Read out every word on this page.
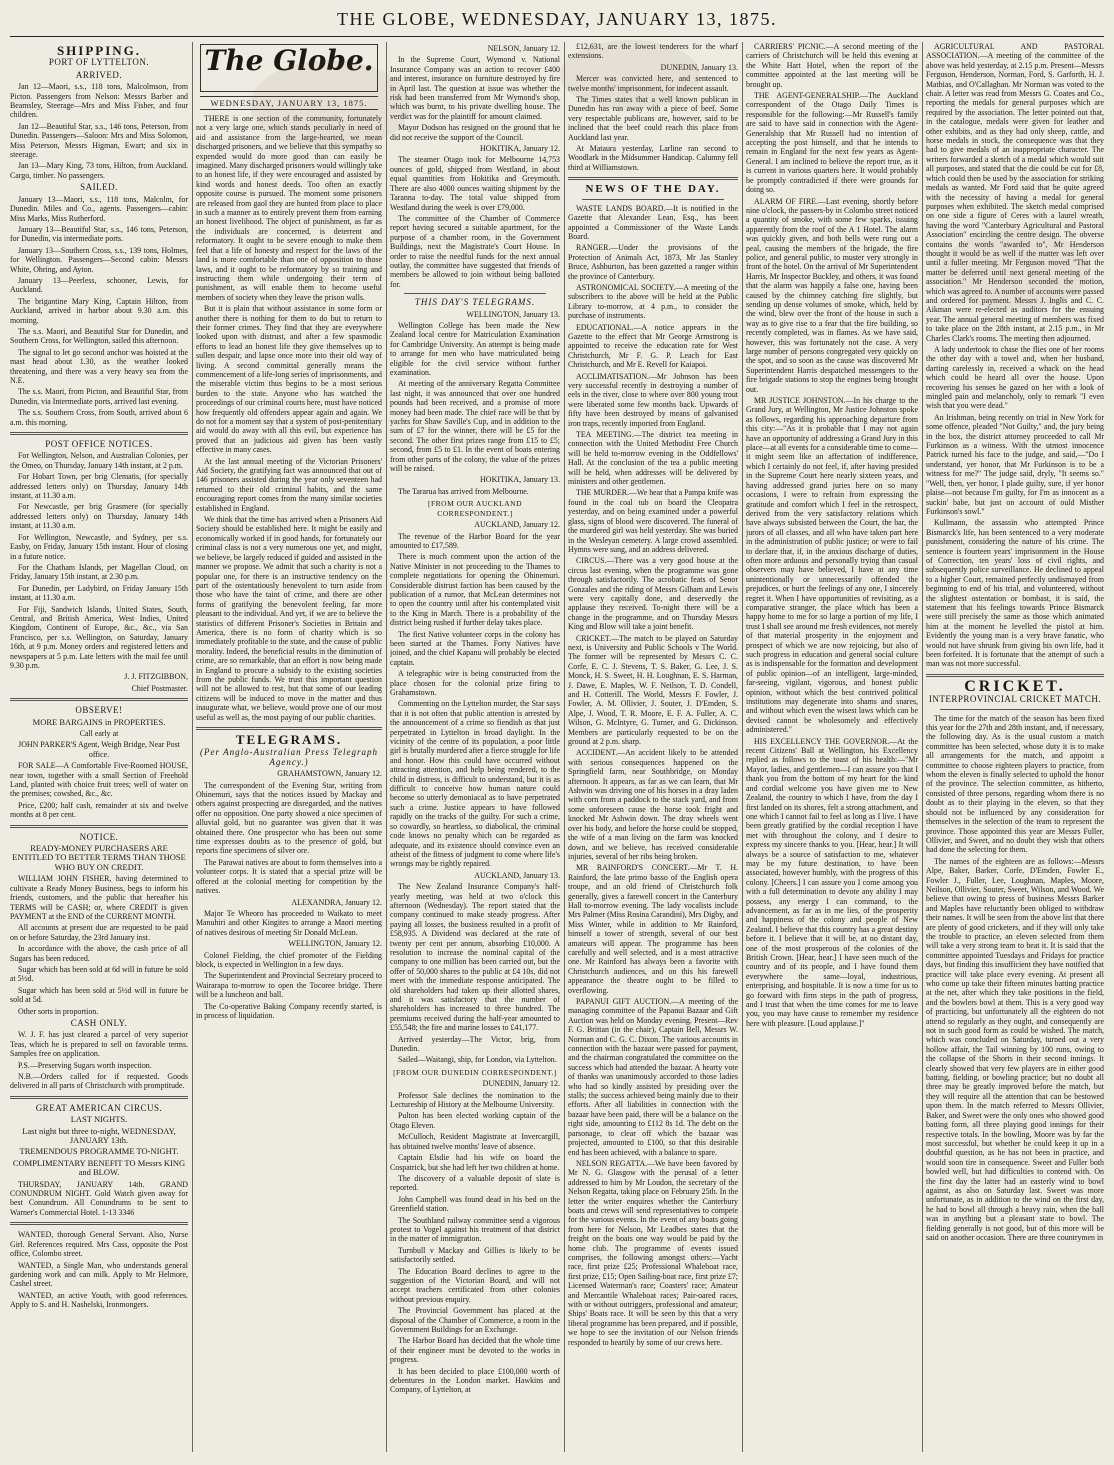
THE GLOBE, WEDNESDAY, JANUARY 13, 1875.
SHIPPING.
PORT OF LYTTELTON.
ARRIVED.

Jan 12—Maori, s.s., 118 tons, Malcolmson, from Picton. Passengers from Nelson: Messrs Barber and Beamsley, Steerage—Mrs and Miss Fisher, and four children.

Jan 12—Beautiful Star, s.s., 146 tons, Peterson, from Dunedin. Passengers—Saloon: Mrs and Miss Solomon, Miss Peterson, Messrs Higman, Ewart; and six in steerage.

Jan 13—Mary King, 73 tons, Hilton, from Auckland. Cargo, timber. No passengers.

SAILED.

January 13—Maori, s.s., 118 tons, Malcolm, for Dunedin. Miles and Co., agents. Passengers—cabin: Miss Marks, Miss Rutherford.

January 13—Beautiful Star, s.s., 146 tons, Peterson, for Dunedin, via intermediate ports.

January 13—Southern Cross, s.s., 139 tons, Holmes, for Wellington. Passengers—Second cabin: Messrs White, Ohring, and Ayton.

January 13—Peerless, schooner, Lewis, for Auckland.

The brigantine Mary King, Captain Hilton, from Auckland, arrived in harbor about 9.30 a.m. this morning.

The s.s. Maori, and Beautiful Star for Dunedin, and Southern Cross, for Wellington, sailed this afternoon.

The signal to let go second anchor was hoisted at the mast head about 1.30, as the weather looked threatening, and there was a very heavy sea from the N.E.

The s.s. Maori, from Picton, and Beautiful Star, from Dunedin, via Intermediate ports, arrived last evening.

The s.s. Southern Cross, from South, arrived about 6 a.m. this morning.

POST OFFICE NOTICES.

For Wellington, Nelson, and Australian Colonies, per the Omeo, on Thursday, January 14th instant, at 2 p.m.

For Hobart Town, per brig Clematis, (for specially addressed letters only) on Thursday, January 14th instant, at 11.30 a.m.

For Newcastle, per brig Grasmere (for specially addressed letters only) on Thursday, January 14th instant, at 11.30 a.m.

For Wellington, Newcastle, and Sydney, per s.s. Easby, on Friday, January 15th instant. Hour of closing in a future notice.

For the Chatham Islands, per Magellan Cloud, on Friday, January 15th instant, at 2.30 p.m.

For Dunedin, per Ladybird, on Friday January 15th instant, at 11.30 a.m.

For Fiji, Sandwich Islands, United States, South, Central, and British America, West Indies, United Kingdom, Continent of Europe, &c., &c., via San Francisco, per s.s. Wellington, on Saturday, January 16th, at 9 p.m. Money orders and registered letters and newspapers at 5 p.m. Late letters with the mail fee until 9.30 p.m.

J. J. FITZGIBBON,
Chief Postmaster.
OBSERVE!
MORE BARGAINS in PROPERTIES.

Call early at

JOHN PARKER'S Agent, Weigh Bridge, Near Post office.

FOR SALE—A Comfortable Five-Roomed HOUSE, near town, together with a small Section of Freehold Land, planted with choice fruit trees; well of water on the premises; cowshed, &c., &c.

Price, £200; half cash, remainder at six and twelve months at 8 per cent.

NOTICE.
READY-MONEY PURCHASERS ARE ENTITLED TO BETTER TERMS THAN THOSE WHO BUY ON CREDIT.

WILLIAM JOHN FISHER, having determined to cultivate a Ready Money Business, begs to inform his friends, customers, and the public that hereafter his TERMS will be CASH; or, where CREDIT is given PAYMENT at the END of the CURRENT MONTH.

All accounts at present due are requested to be paid on or before Saturday, the 23rd January inst.

In accordance with the above, the cash price of all Sugars has been reduced.

Sugar which has been sold at 6d will in future be sold at 5½d.

Sugar which has been sold at 5½d will in future be sold at 5d.

Other sorts in proportion.

CASH ONLY.

W. J. F. has just cleared a parcel of very superior Teas, which he is prepared to sell on favorable terms. Samples free on application.

P.S.—Preserving Sugars worth inspection.

N.B.—Orders called for if requested. Goods delivered in all parts of Christchurch with promptitude.

GREAT AMERICAN CIRCUS.
LAST NIGHTS.
Last night but three to-night, WEDNESDAY, JANUARY 13th.
TREMENDOUS PROGRAMME TO-NIGHT.
COMPLIMENTARY BENEFIT TO Messrs KING and BLOW.

THURSDAY, JANUARY 14th. GRAND CONUNDRUM NIGHT. Gold Watch given away for best Conundrum. All Conundrums to be sent to Warner's Commercial Hotel. 1-13 3346

WANTED, thorough General Servant. Also, Nurse Girl. References required. Mrs Cass, opposite the Post office, Colombo street.

WANTED, a Single Man, who understands general gardening work and can milk. Apply to Mr Helmore, Cashel street.

WANTED, an active Youth, with good references. Apply to S. and H. Nashelski, Ironmongers.

The Globe.
WEDNESDAY, JANUARY 13, 1875.

THERE is one section of the community, fortunately not a very large one, which stands peculiarly in need of aid and assistance from the large-hearted, we mean discharged prisoners, and we believe that this sympathy so expended would do more good than can easily be imagined. Many discharged prisoners would willingly take to an honest life, if they were encouraged and assisted by kind words and honest deeds. Too often an exactly opposite course is pursued. The moment some prisoners are released from gaol they are hunted from place to place in such a manner as to entirely prevent them from earning an honest livelihood. The object of punishment, as far as the individuals are concerned, is deterrent and reformatory. It ought to be severe enough to make them feel that a life of honesty and respect for the laws of the land is more comfortable than one of opposition to those laws, and it ought to be reformatory by so training and instructing them while undergoing their term of punishment, as will enable them to become useful members of society when they leave the prison walls.

But it is plain that without assistance in some form or another there is nothing for them to do but to return to their former crimes. They find that they are everywhere looked upon with distrust, and after a few spasmodic efforts to lead an honest life they give themselves up to sullen despair, and lapse once more into their old way of living. A second committal generally means the commencement of a life-long series of imprisonments, and the miserable victim thus begins to be a most serious burden to the state. Anyone who has watched the proceedings of our criminal courts here, must have noticed how frequently old offenders appear again and again. We do not for a moment say that a system of post-penitentiary aid would do away with all this evil, but experience has proved that an judicious aid given has been vastly effective in many cases.

At the last annual meeting of the Victorian Prisoners' Aid Society, the gratifying fact was announced that out of 146 prisoners assisted during the year only seventeen had returned to their old criminal habits, and the same encouraging report comes from the many similar societies established in England.

We think that the time has arrived when a Prisoners Aid Society should be established here. It might be easily and economically worked if in good hands, for fortunately our criminal class is not a very numerous one yet, and might, we believe, be largely reduced if guided and assisted in the manner we propose. We admit that such a charity is not a popular one, for there is an instructive tendency on the part of the ostentatiously benevolent to turn aside from those who have the taint of crime, and there are other forms of gratifying the benevolent feeling, far more pleasant to the individual. And yet, if we are to believe the statistics of different Prisoner's Societies in Britain and America, there is no form of charity which is so immediately profitable to the state, and the cause of public morality. Indeed, the beneficial results in the diminution of crime, are so remarkable, that an effort is now being made in England to procure a subsidy to the existing societies from the public funds. We trust this important question will not be allowed to rest, but that some of our leading citizens will be induced to move in the matter and thus inaugurate what, we believe, would prove one of our most useful as well as, the most paying of our public charities.

TELEGRAMS.
(Per Anglo-Australian Press Telegraph Agency.)
GRAHAMSTOWN, January 12.

The correspondent of the Evening Star, writing from Ohinemuri, says that the notices issued by Mackay and others against prospecting are disregarded, and the natives offer no opposition. One party showed a nice specimen of alluvial gold, but no guarantee was given that it was obtained there. One prospector who has been out some time expresses doubts as to the presence of gold, but reports fine specimens of silver ore.

The Parawai natives are about to form themselves into a volunteer corps. It is stated that a special prize will be offered at the colonial meeting for competition by the natives.

ALEXANDRA, January 12.

Major Te Wheoro has proceeded to Waikato to meet Manuhiri and other Kingites to arrange a Maori meeting of natives desirous of meeting Sir Donald McLean.

WELLINGTON, January 12.

Colonel Fielding, the chief promoter of the Fielding block, is expected in Wellington in a few days.

The Superintendent and Provincial Secretary proceed to Wairarapa to-morrow to open the Tocoree bridge. There will be a luncheon and ball.

The Co-operative Baking Company recently started, is in process of liquidation.

NELSON, January 12.

In the Supreme Court, Wymond v. National Insurance Company was an action to recover £400 and interest, insurance on furniture destroyed by fire in April last. The question at issue was whether the risk had been transferred from Mr Wymond's shop, which was burnt, to his private dwelling house. The verdict was for the plaintiff for amount claimed.

Mayor Dodson has resigned on the ground that he did not receive the support of the Council.

HOKITIKA, January 12.

The steamer Otago took for Melbourne 14,753 ounces of gold, shipped from Westland, in about equal quantities from Hokitika and Greymouth. There are also 4000 ounces waiting shipment by the Taranna to-day. The total value shipped from Westland during the week is over £79,000.

The committee of the Chamber of Commerce report having secured a suitable apartment, for the purpose of a chamber room, in the Government Buildings, next the Magistrate's Court House. In order to raise the needful funds for the next annual outlay, the committee have suggested that friends of members be allowed to join without being balloted for.

THIS DAY'S TELEGRAMS.
WELLINGTON, January 13.

Wellington College has been made the New Zealand local centre for Matriculation Examination for Cambridge University. An attempt is being made to arrange for men who have matriculated being eligible for the civil service without further examination.

At meeting of the anniversary Regatta Committee last night, it was announced that over one hundred pounds had been received, and a promise of more money had been made. The chief race will be that by yachts for Shaw Saville's Cup, and in addition to the sum of £7 for the winner, there will be £5 for the second. The other first prizes range from £15 to £5; second, from £5 to £1. In the event of boats entering from other parts of the colony, the value of the prizes will be raised.

HOKITIKA, January 13.

The Tararua has arrived from Melbourne.

[FROM OUR AUCKLAND CORRESPONDENT.]
AUCKLAND, January 12.

The revenue of the Harbor Board for the year amounted to £17,589.

There is much comment upon the action of the Native Minister in not proceeding to the Thames to complete negotiations for opening the Ohinemuri. Considerable distrust faction has been caused by the publication of a rumor, that McLean determines not to open the country until after his contemplated visit to the King in March. There is a probability of the district being rushed if further delay takes place.

The first Native volunteer corps in the colony has been started at the Thames. Forty Natives have joined, and the chief Kapanu will probably be elected captain.

A telegraphic wire is being constructed from the place chosen for the colonial prize firing to Grahamstown.

Commenting on the Lyttelton murder, the Star says that it is not often that public attention is arrested by the announcement of a crime so fiendish as that just perpetrated in Lyttelton in broad daylight. In the vicinity of the centre of its population, a poor little girl is brutally murdered after a fierce struggle for life and honor. How this could have occurred without attracting attention, and help being rendered, to the child in distress, is difficult to understand, but it is as difficult to conceive how human nature could become so utterly demoniacal as to have perpetrated such a crime. Justice appears to have followed rapidly on the tracks of the guilty. For such a crime, so cowardly, so heartless, so diabolical, the criminal code knows no penalty which can be regarded as adequate, and its existence should convince even an atheist of the fitness of judgment to come where life's wrongs may be rightly repaired.

AUCKLAND, January 13.

The New Zealand Insurance Company's half-yearly meeting, was held at two o'clock this afternoon (Wednesday). The report stated that the company continued to make steady progress. After paying all losses, the business resulted in a profit of £58,935. A Dividend was declared at the rate of twenty per cent per annum, absorbing £10,000. A resolution to increase the nominal capital of the company to one million has been carried out, but the offer of 50,000 shares to the public at £4 10s, did not meet with the immediate response anticipated. The old shareholders had taken up their allotted shares, and it was satisfactory that the number of shareholders has increased to three hundred. The premiums received during the half-year amounted to £55,548; the fire and marine losses to £41,177.

Arrived yesterday—The Victor, brig, from Dunedin.

Sailed—Waitangi, ship, for London, via Lyttelton.

[FROM OUR DUNEDIN CORRESPONDENT.]
DUNEDIN, January 12.

Professor Sale declines the nomination to the Lectureship of History at the Melbourne University.

Pulton has been elected working captain of the Otago Eleven.

McCulloch, Resident Magistrate at Invercargill, has obtained twelve months' leave of absence.

Captain Elsdie had his wife on board the Cospatrick, but she had left her two children at home.

The discovery of a valuable deposit of slate is reported.

John Campbell was found dead in his bed on the Greenfield station.

The Southland railway committee send a vigorous protest to Vogel against his treatment of that district in the matter of immigration.

Turnbull v Mackay and Gillies is likely to be satisfactorily settled.

The Education Board declines to agree to the suggestion of the Victorian Board, and will not accept teachers certificated from other colonies without previous enquiry.

The Provincial Government has placed at the disposal of the Chamber of Commerce, a room in the Government Buildings for an Exchange.

The Harbor Board has decided that the whole time of their engineer must be devoted to the works in progress.

It has been decided to place £100,000 worth of debentures in the London market. Hawkins and Company, of Lyttelton, at

£12,631, are the lowest tenderers for the wharf extensions.

DUNEDIN, January 13.

Mercer was convicted here, and sentenced to twelve months' imprisonment, for indecent assault.

The Times states that a well known publican in Dunedin has run away with a piece of beef. Some very respectable publicans are, however, said to be inclined that the beef could reach this place from Auckland last year.

At Mataura yesterday, Larline ran second to Woodlark in the Midsummer Handicap. Calumny fell third at Williamstown.

NEWS OF THE DAY.

WASTE LANDS BOARD.—It is notified in the Gazette that Alexander Lean, Esq., has been appointed a Commissioner of the Waste Lands Board.

RANGER.—Under the provisions of the Protection of Animals Act, 1873, Mr Jas Stanley Bruce, Ashburton, has been gazetted a ranger within the province of Canterbury.

ASTRONOMICAL SOCIETY.—A meeting of the subscribers to the above will be held at the Public Library to-morrow, at 4 p.m., to consider the purchase of instruments.

EDUCATIONAL.—A notice appears in the Gazette to the effect that Mr George Armstrong is appointed to receive the education rate for West Christchurch, Mr F. G. P. Leach for East Christchurch, and Mr E. Revell for Kaiapoi.

ACCLIMATISATION.—Mr Johnson has been very successful recently in destroying a number of eels in the river, close to where over 800 young trout were liberated some few months back. Upwards of fifty have been destroyed by means of galvanised iron traps, recently imported from England.

TEA MEETING.—The district tea meeting in connection with the United Methodist Free Church will be held to-morrow evening in the Oddfellows' Hall. At the conclusion of the tea a public meeting will be held, when addresses will be delivered by ministers and other gentlemen.

THE MURDER.—We hear that a Pampa knife was found in the coal tub on board the Cleopatra yesterday, and on being examined under a powerful glass, signs of blood were discovered. The funeral of the murdered girl was held yesterday. She was buried in the Wesleyan cemetery. A large crowd assembled. Hymns were sung, and an address delivered.

CIRCUS.—There was a very good house at the circus last evening, when the programme was gone through satisfactorily. The acrobatic feats of Senor Gonzales and the riding of Messrs Gilham and Lewis were very capitally done, and deservedly the applause they received. To-night there will be a change in the programme, and on Thursday Messrs King and Blow will take a joint benefit.

CRICKET.—The match to be played on Saturday next, is University and Public Schools v The World. The former will be represented by Messrs C. C. Corfe, E. C. J. Stevens, T. S. Baker, G. Lee, J. S. Monck, H. S. Sweet, H. H. Loughnan, E. S. Harman, J. Dawe, E. Maples, W. F. Neilson, T. D. Condell, and H. Cotterill. The World, Messrs F. Fowler, J. Fowler, A. M. Ollivier, J. Souter, J. D'Emden, S. Alpe, J. Wood, T. R. Moore, E. F. A. Fuller, A. C. Wilson, G. McIntyre, G. Turner, and G. Dickinson. Members are particularly requested to be on the ground at 2 p.m. sharp.

ACCIDENT.—An accident likely to be attended with serious consequences happened on the Springfield farm, near Southbridge, on Monday afternoon. It appears, as far as we can learn, that Mr Ashwin was driving one of his horses in a dray laden with corn from a paddock to the stack yard, and from some unforeseen cause the horse took fright and knocked Mr Ashwin down. The dray wheels went over his body, and before the horse could be stopped, the wife of a man living on the farm was knocked down, and we believe, has received considerable injuries, several of her ribs being broken.

MR RAINFORD'S CONCERT.—Mr T. H. Rainford, the late primo basso of the English opera troupe, and an old friend of Christchurch folk generally, gives a farewell concert in the Canterbury Hall to-morrow evening. The lady vocalists include Mrs Palmer (Miss Rosina Carandini), Mrs Digby, and Miss Winter, while in addition to Mr Rainford, himself a tower of strength, several of our best amateurs will appear. The programme has been carefully and well selected, and is a most attractive one. Mr Rainford has always been a favorite with Christchurch audiences, and on this his farewell appearance the theatre ought to be filled to overflowing.

PAPANUI GIFT AUCTION.—A meeting of the managing committee of the Papanui Bazaar and Gift Auction was held on Monday evening. Present—Rev F. G. Brittan (in the chair), Captain Bell, Messrs W. Norman and C. G. C. Dixon. The various accounts in connection with the bazaar were passed for payment, and the chairman congratulated the committee on the success which had attended the bazaar. A hearty vote of thanks was unanimously accorded to those ladies who had so kindly assisted by presiding over the stalls; the success achieved being mainly due to their efforts. After all liabilities in connection with the bazaar have been paid, there will be a balance on the right side, amounting to £112 8s 1d. The debt on the parsonage, to clear off which the bazaar was projected, amounted to £100, so that this desirable end has been achieved, with a balance to spare.

NELSON REGATTA.—We have been favored by Mr N. G. Glasgow with the perusal of a letter addressed to him by Mr Loudon, the secretary of the Nelson Regatta, taking place on February 25th. In the letter the writer enquires whether the Canterbury boats and crews will send representatives to compete for the various events. In the event of any boats going from here for Nelson, Mr Leadbes states that the freight on the boats one way would be paid by the home club. The programme of events issued comprises, the following amongst others:—Yacht race, first prize £25; Professional Whaleboat race, first prize, £15; Open Sailing-boat race, first prize £7; Licensed Waterman's race; Coasters' race; Amateur and Mercantile Whaleboat races; Pair-oared races, with or without outriggers, professional and amateur; Ships' Boats race. It will be seen by this that a very liberal programme has been prepared, and if possible, we hope to see the invitation of our Nelson friends responded to heartily by some of our crews here.

CARRIERS' PICNIC.—A second meeting of the carriers of Christchurch will be held this evening at the White Hart Hotel, when the report of the committee appointed at the last meeting will be brought up.

THE AGENT-GENERALSHIP.—The Auckland correspondent of the Otago Daily Times is responsible for the following:—Mr Russell's family are said to have said in connection with the Agent-Generalship that Mr Russell had no intention of accepting the post himself, and that he intends to remain in England for the next few years as Agent-General. I am inclined to believe the report true, as it is current in various quarters here. It would probably be promptly contradicted if there were grounds for doing so.

ALARM OF FIRE.—Last evening, shortly before nine o'clock, the passers-by in Colombo street noticed a quantity of smoke, with some few sparks, issuing apparently from the roof of the A 1 Hotel. The alarm was quickly given, and both bells were rung out a peal, causing the members of the brigade, the fire police, and general public, to muster very strongly in front of the hotel. On the arrival of Mr Superintendent Harris, Mr Inspector Buckley, and others, it was found that the alarm was happily a false one, having been caused by the chimney catching fire slightly, but sending up dense volumes of smoke, which, held by the wind, blew over the front of the house in such a way as to give rise to a fear that the fire building, so recently completed, was in flames. As we have said, however, this was fortunately not the case. A very large number of persons congregated very quickly on the spot, and so soon as the cause was discovered Mr Superintendent Harris despatched messengers to the fire brigade stations to stop the engines being brought out.

MR JUSTICE JOHNSTON.—In his charge to the Grand Jury, at Wellington, Mr Justice Johnston spoke as follows, regarding his approaching departure from this city:—"As it is probable that I may not again have an opportunity of addressing a Grand Jury in this place—at all events for a considerable time to come—it might seem like an affectation of indifference, which I certainly do not feel, if, after having presided in the Supreme Court here nearly sixteen years, and having addressed grand juries here on so many occasions, I were to refrain from expressing the gratitude and comfort which I feel in the retrospect, derived from the very satisfactory relations which have always subsisted between the Court, the bar, the jurors of all classes, and all who have taken part here in the administration of public justice; or were to fail to declare that, if, in the anxious discharge of duties, often more arduous and personally trying than casual observers may have believed, I have at any time unintentionally or unnecessarily offended the prejudices, or hurt the feelings of any one, I sincerely regret it. When I have opportunities of revisiting, as a comparative stranger, the place which has been a happy home to me for so large a portion of my life, I trust I shall see around me fresh evidences, not merely of that material prosperity in the enjoyment and prospect of which we are now rejoicing, but also of such progress in education and general social culture as is indispensable for the formation and development of public opinion—of an intelligent, large-minded, far-seeing, vigilant, vigorous, and honest public opinion, without which the best contrived political institutions may degenerate into shams and snares, and without which even the wisest laws which can be devised cannot be wholesomely and effectively administered."

HIS EXCELLENCY THE GOVERNOR.—At the recent Citizens' Ball at Wellington, his Excellency replied as follows to the toast of his health:—"Mr Mayor, ladies, and gentlemen—I can assure you that I thank you from the bottom of my heart for the kind and cordial welcome you have given me to New Zealand, the country to which I have, from the day I first landed on its shores, felt a strong attachment, and one which I cannot fail to feel as long as I live. I have been greatly gratified by the cordial reception I have met with throughout the colony, and I desire to express my sincere thanks to you. [Hear, hear.] It will always be a source of satisfaction to me, whatever may be my future destination, to have been associated, however humbly, with the progress of this colony. [Cheers.] I can assure you I come among you with a full determination to devote any ability I may possess, any energy I can command, to the advancement, as far as in me lies, of the prosperity and happiness of the colony and people of New Zealand. I believe that this country has a great destiny before it. I believe that it will be, at no distant day, one of the most prosperous of the colonies of the British Crown. [Hear, hear.] I have seen much of the country and of its people, and I have found them everywhere the same—loyal, industrious, enterprising, and hospitable. It is now a time for us to go forward with firm steps in the path of progress, and I trust that when the time comes for me to leave you, you may have cause to remember my residence here with pleasure. [Loud applause.]"

AGRICULTURAL AND PASTORAL ASSOCIATION.—A meeting of the committee of the above was held yesterday, at 2.15 p.m. Present—Messrs Ferguson, Henderson, Norman, Ford, S. Garforth, H. J. Mathias, and O'Callaghan. Mr Norman was voted to the chair. A letter was read from Messrs G. Coates and Co., reporting the medals for general purposes which are required by the association. The letter pointed out that, in the catalogue, medals were given for leather and other exhibits, and as they had only sheep, cattle, and horse medals in stock, the consequence was that they had to give medals of an inappropriate character. The writers forwarded a sketch of a medal which would suit all purposes, and stated that the die could be cut for £8, which could then be used by the association for striking medals as wanted. Mr Ford said that he quite agreed with the necessity of having a medal for general purposes when exhibited. The sketch medal comprised on one side a figure of Ceres with a laurel wreath, having the word "Canterbury Agricultural and Pastoral Association" encircling the centre design. The obverse contains the words "awarded to", Mr Henderson thought it would be as well if the matter was left over until a fuller meeting. Mr Ferguson moved "That the matter be deferred until next general meeting of the association." Mr Henderson seconded the motion, which was agreed to. A number of accounts were passed and ordered for payment. Messrs J. Inglis and C. C. Aikman were re-elected as auditors for the ensuing year. The annual general meeting of members was fixed to take place on the 28th instant, at 2.15 p.m., in Mr Charles Clark's rooms. The meeting then adjourned.

A lady undertook to chase the flies one of her rooms the other day with a towel and, when her husband, darting carelessly in, received a whack on the head which could be heard all over the house. Upon recovering his senses he gazed on her with a look of mingled pain and melancholy, only to remark "I even wish that you were dead."

An Irishman, being recently on trial in New York for some offence, pleaded "Not Guilty," and, the jury being in the box, the district attorney proceeded to call Mr Furkinson as a witness. With the utmost innocence Patrick turned his face to the judge, and said,—"Do I understand, yer honor, that Mr Furkinson is to be a witness for me?" The judge said, dryly, "It seems so." "Well, then, yer honor, I plade guilty, sure, if yer honor plaise—not because I'm guilty, for I'm as innocent as a suckin' babe, but just on account of ould Misther Furkinson's sowl."

Kullmann, the assassin who attempted Prince Bismarck's life, has been sentenced to a very moderate punishment, considering the nature of his crime. The sentence is fourteen years' imprisonment in the House of Correction, ten years' loss of civil rights, and subsequently police surveillance. He declined to appeal to a higher Court, remained perfectly undismayed from beginning to end of his trial, and volunteered, without the slightest ostentation or bombast, it is said, the statement that his feelings towards Prince Bismarck were still precisely the same as those which animated him at the moment he levelled the pistol at him. Evidently the young man is a very brave fanatic, who would not have shrunk from giving his own life, had it been forfeited. It is fortunate that the attempt of such a man was not more successful.

CRICKET.
INTERPROVINCIAL CRICKET MATCH.

The time for the match of the season has been fixed this year for the 27th and 28th instant, and, if necessary, the following day. As is the usual custom a match committee has been selected, whose duty it is to make all arrangements for the match, and appoint a committee to choose eighteen players to practice, from whom the eleven is finally selected to uphold the honor of the province. The selection committee, as hitherto, consisted of three persons, regarding whom there is no doubt as to their playing in the eleven, so that they should not be influenced by any consideration for themselves in the selection of the team to represent the province. Those appointed this year are Messrs Fuller, Ollivier, and Sweet, and no doubt they wish that others had done the selecting for them.

The names of the eighteen are as follows:—Messrs Alpe, Baker, Barker, Corfe, D'Emden, Fowler E., Fowler J., Fuller, Lee, Loughnan, Maples, Moore, Neilson, Ollivier, Souter, Sweet, Wilson, and Wood. We believe that owing to press of business Messrs Barker and Maples have reluctantly been obliged to withdraw their names. It will be seen from the above list that there are plenty of good cricketers, and if they will only take the trouble to practice, an eleven selected from them will take a very strong team to beat it. It is said that the committee appointed Tuesdays and Fridays for practice days, but finding this insufficient they have notified that practice will take place every evening. At present all who come up take their fifteen minutes batting practice at the net, after which they take positions in the field, and the bowlers bowl at them. This is a very good way of practicing, but unfortunately all the eighteen do not attend so regularly as they ought, and consequently are not in such good form as could be wished. The match, which was concluded on Saturday, turned out a very hollow affair, the Tail winning by 100 runs, owing to the collapse of the Shorts in their second innings. It clearly showed that very few players are in either good batting, fielding, or bowling practice; but no doubt all three may be greatly improved before the match, but they will require all the attention that can be bestowed upon them. In the match referred to Messrs Ollivier, Baker, and Sweet were the only ones who showed good batting form, all three playing good innings for their respective totals. In the bowling, Moore was by far the most successful, but whether he could keep it up in a doubtful question, as he has not been in practice, and would soon tire in consequence. Sweet and Fuller both bowled well, but had difficulties to contend with. On the first day the latter had an easterly wind to bowl against, as also on Saturday last. Sweet was more unfortunate, as in addition to the wind on the first day, he had to bowl all through a heavy rain, when the ball was in anything but a pleasant state to bowl. The fielding generally is not good, but of this more will be said on another occasion. There are three countrymen in
